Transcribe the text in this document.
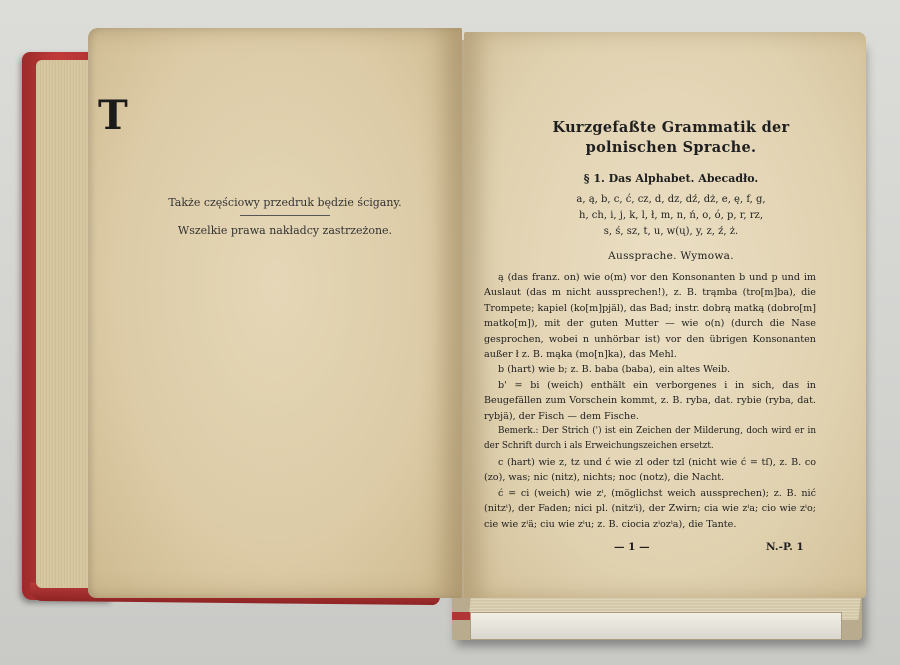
T
Także częściowy przedruk będzie ścigany.
Wszelkie prawa nakładcy zastrzeżone.
Kurzgefaßte Grammatik der
polnischen Sprache.
§ 1. Das Alphabet. Abecadło.
a, ą, b, c, ć, cz, d, dz, dź, dż, e, ę, f, g,
h, ch, i, j, k, l, ł, m, n, ń, o, ó, p, r, rz,
s, ś, sz, t, u, w(ų), y, z, ź, ż.
Aussprache. Wymowa.

ą (das franz. on) wie o(m) vor den Konsonanten b und p und im Auslaut (das m nicht aussprechen!), z. B. trąmba (tro[m]ba), die Trompete; kapiel (ko[m]pjäl), das Bad; instr. dobrą matką (dobro[m] matko[m]), mit der guten Mutter — wie o(n) (durch die Nase gesprochen, wobei n unhörbar ist) vor den übrigen Konsonanten außer ł z. B. mąka (mo[n]ka), das Mehl.

b (hart) wie b; z. B. baba (baba), ein altes Weib.

b' = bi (weich) enthält ein verborgenes i in sich, das in Beugefällen zum Vorschein kommt, z. B. ryba, dat. rybie (ryba, dat. rybjä), der Fisch — dem Fische.

Bemerk.: Der Strich (') ist ein Zeichen der Milderung, doch wird er in der Schrift durch i als Erweichungszeichen ersetzt.

c (hart) wie z, tz und ć wie zl oder tzl (nicht wie ć = tſ), z. B. co (zo), was; nic (nitz), nichts; noc (notz), die Nacht.

ć = ci (weich) wie zⁱ, (möglichst weich aussprechen); z. B. nić (nitzⁱ), der Faden; nici pl. (nitzⁱi), der Zwirn; cia wie zⁱa; cio wie zⁱo; cie wie zⁱä; ciu wie zⁱu; z. B. ciocia zⁱozⁱa), die Tante.

— 1 —	N.-P. 1
